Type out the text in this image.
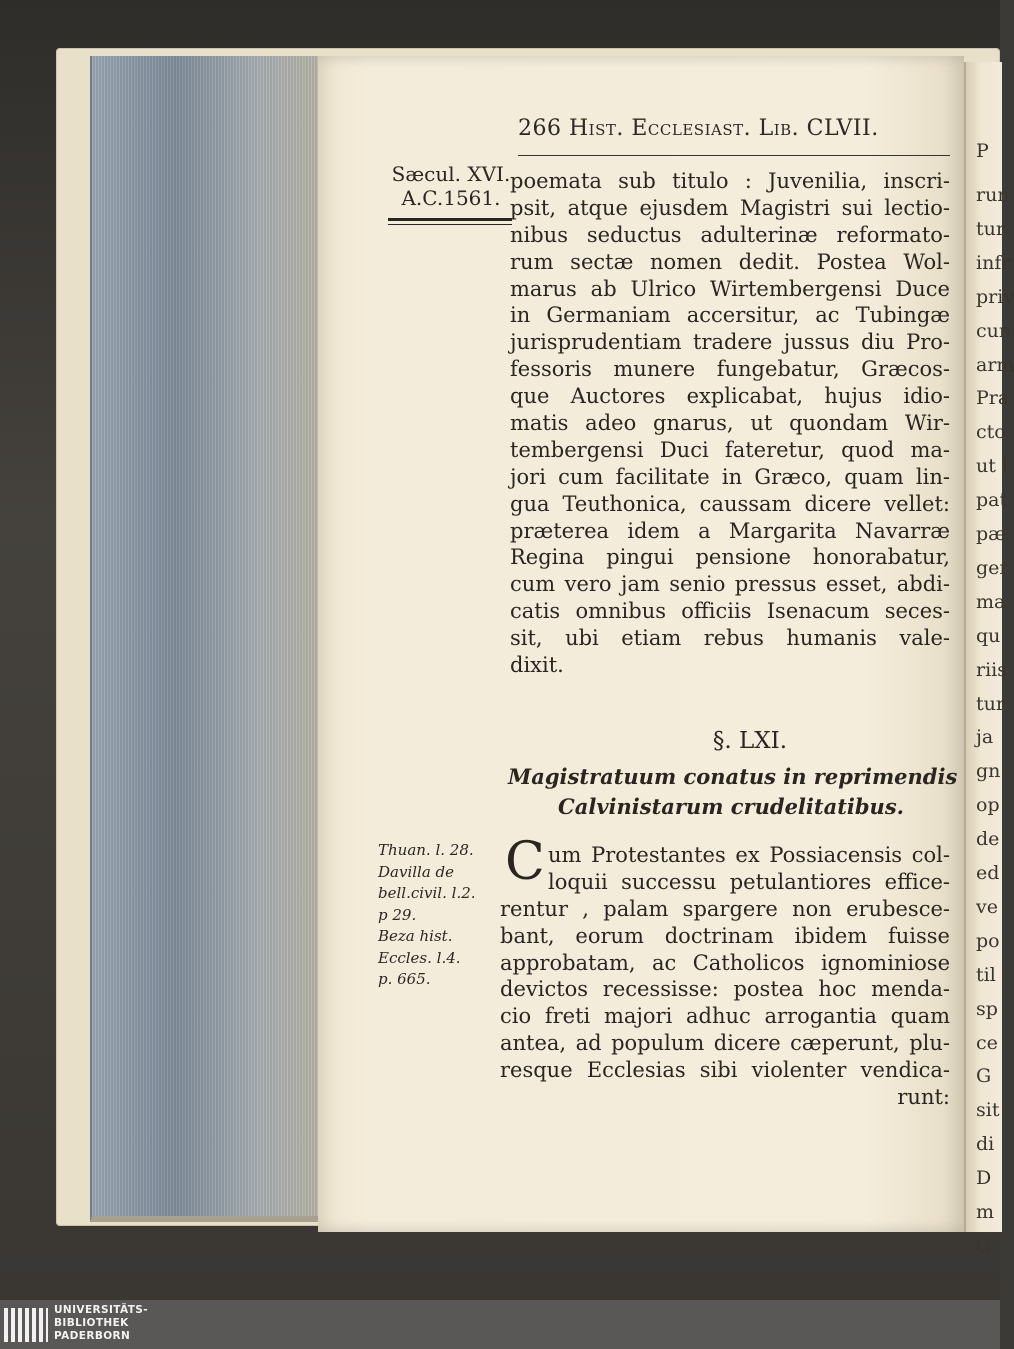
P
run
tur
infr
priv
cun
arm
Pra
cto
ut l
pat
pæ
ger
ma
qu
riis
tur
ja
gn
op
de
ed
ve
po
til
sp
ce
G
sit
di
D
m
G
266 Hist. Ecclesiast. Lib. CLVII.
Sæcul. XVI.
A.C.1561.
poemata sub titulo : Juvenilia, inscri-
psit, atque ejusdem Magistri sui lectio-
nibus seductus adulterinæ reformato-
rum sectæ nomen dedit. Postea Wol-
marus ab Ulrico Wirtembergensi Duce
in Germaniam accersitur, ac Tubingæ
jurisprudentiam tradere jussus diu Pro-
fessoris munere fungebatur, Græcos-
que Auctores explicabat, hujus idio-
matis adeo gnarus, ut quondam Wir-
tembergensi Duci fateretur, quod ma-
jori cum facilitate in Græco, quam lin-
gua Teuthonica, caussam dicere vellet:
præterea idem a Margarita Navarræ
Regina pingui pensione honorabatur,
cum vero jam senio pressus esset, abdi-
catis omnibus officiis Isenacum seces-
sit, ubi etiam rebus humanis vale-
dixit.
§. LXI.
Magistratuum conatus in reprimendis
Calvinistarum crudelitatibus.
Thuan. l. 28.
Davilla de
bell.civil. l.2.
p 29.
Beza hist.
Eccles. l.4.
p. 665.
C um Protestantes ex Possiacensis col-
loquii successu petulantiores effice-
rentur , palam spargere non erubesce-
bant, eorum doctrinam ibidem fuisse
approbatam, ac Catholicos ignominiose
devictos recessisse: postea hoc menda-
cio freti majori adhuc arrogantia quam
antea, ad populum dicere cæperunt, plu-
resque Ecclesias sibi violenter vendica-
runt:
UNIVERSITÄTS-
BIBLIOTHEK
PADERBORN
